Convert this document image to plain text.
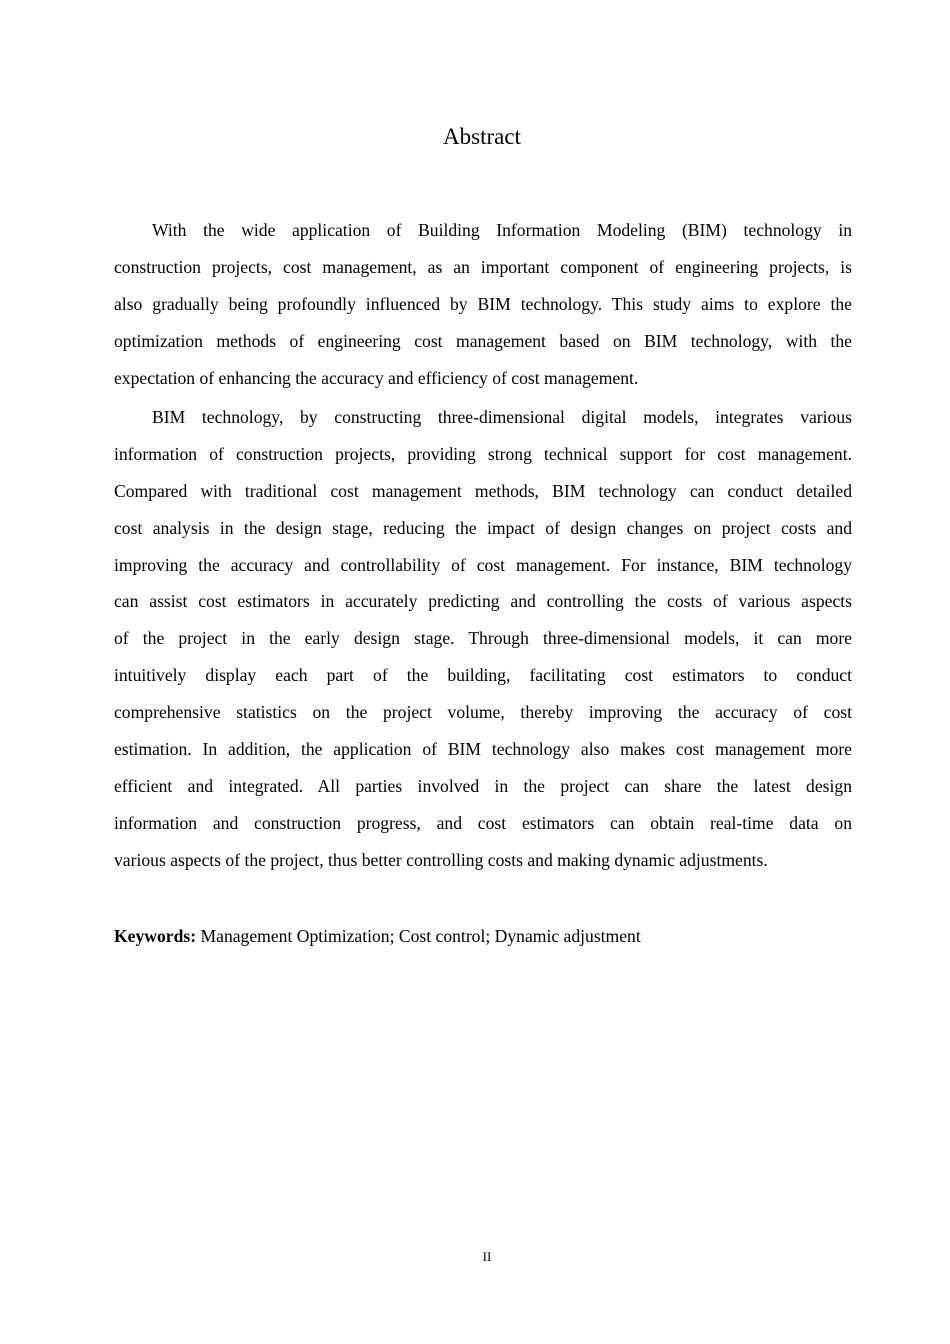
Abstract
With the wide application of Building Information Modeling (BIM) technology in
construction projects, cost management, as an important component of engineering projects, is
also gradually being profoundly influenced by BIM technology. This study aims to explore the
optimization methods of engineering cost management based on BIM technology, with the
expectation of enhancing the accuracy and efficiency of cost management.
BIM technology, by constructing three-dimensional digital models, integrates various
information of construction projects, providing strong technical support for cost management.
Compared with traditional cost management methods, BIM technology can conduct detailed
cost analysis in the design stage, reducing the impact of design changes on project costs and
improving the accuracy and controllability of cost management. For instance, BIM technology
can assist cost estimators in accurately predicting and controlling the costs of various aspects
of the project in the early design stage. Through three-dimensional models, it can more
intuitively display each part of the building, facilitating cost estimators to conduct
comprehensive statistics on the project volume, thereby improving the accuracy of cost
estimation. In addition, the application of BIM technology also makes cost management more
efficient and integrated. All parties involved in the project can share the latest design
information and construction progress, and cost estimators can obtain real-time data on
various aspects of the project, thus better controlling costs and making dynamic adjustments.
Keywords: Management Optimization; Cost control; Dynamic adjustment
II
